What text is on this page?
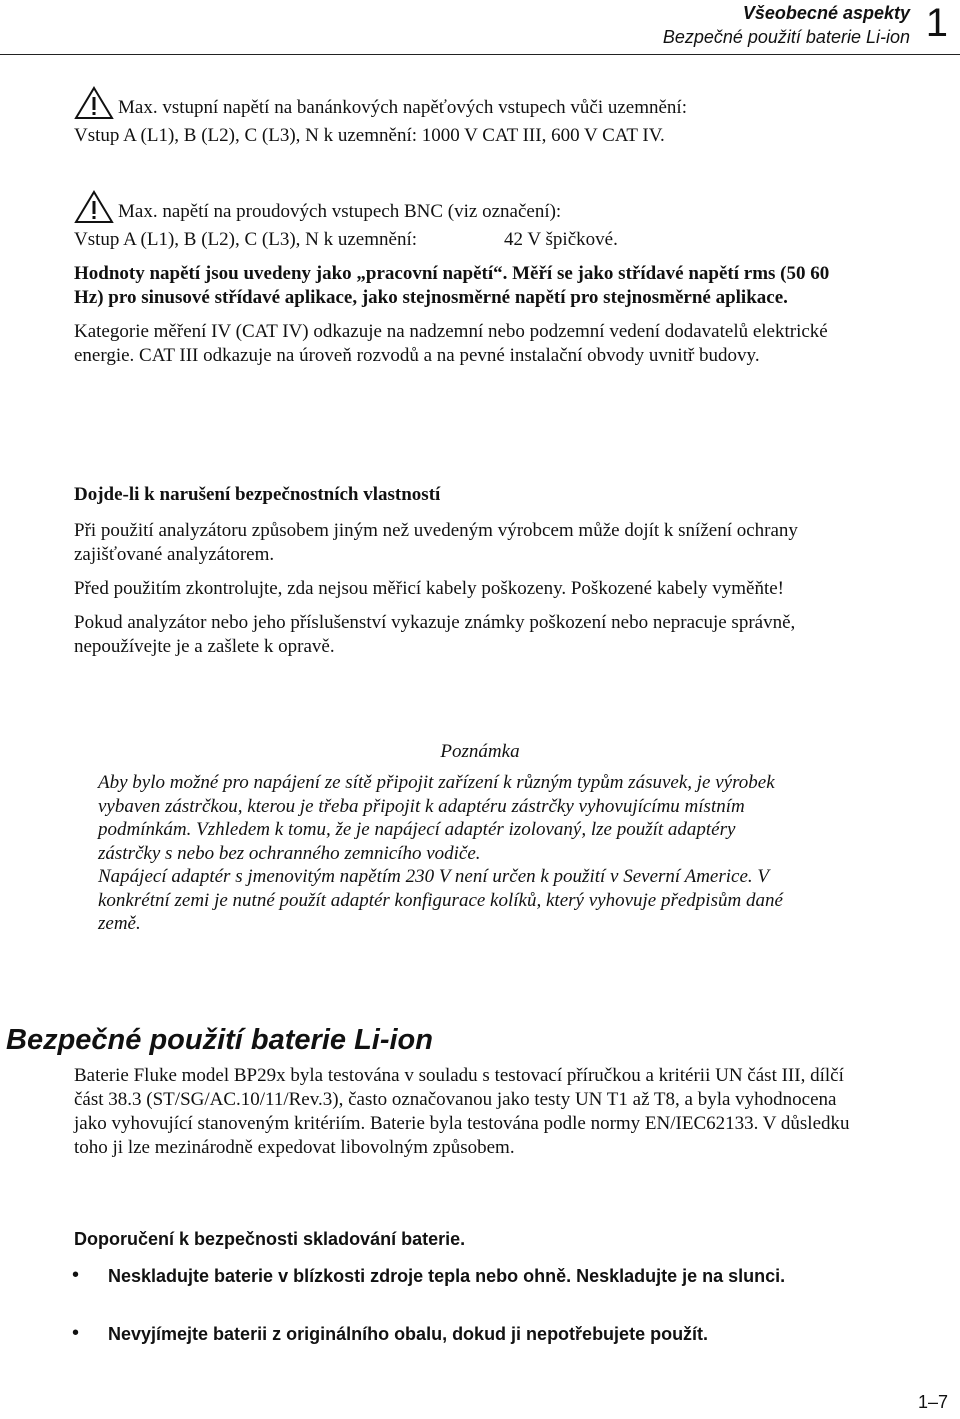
Všeobecné aspekty
Bezpečné použití baterie Li-ion 1

Max. vstupní napětí na banánkových napěťových vstupech vůči uzemnění:

Vstup A (L1), B (L2), C (L3), N k uzemnění: 1000 V CAT III, 600 V CAT IV.

Max. napětí na proudových vstupech BNC (viz označení):

Vstup A (L1), B (L2), C (L3), N k uzemnění:	42 V špičkové.

Hodnoty napětí jsou uvedeny jako „pracovní napětí“. Měří se jako střídavé napětí rms (50 60 Hz) pro sinusové střídavé aplikace, jako stejnosměrné napětí pro stejnosměrné aplikace.

Kategorie měření IV (CAT IV) odkazuje na nadzemní nebo podzemní vedení dodavatelů elektrické energie. CAT III odkazuje na úroveň rozvodů a na pevné instalační obvody uvnitř budovy.

Dojde-li k narušení bezpečnostních vlastností

Při použití analyzátoru způsobem jiným než uvedeným výrobcem může dojít k snížení ochrany zajišťované analyzátorem.

Před použitím zkontrolujte, zda nejsou měřicí kabely poškozeny. Poškozené kabely vyměňte!

Pokud analyzátor nebo jeho příslušenství vykazuje známky poškození nebo nepracuje správně, nepoužívejte je a zašlete k opravě.

Poznámka

Aby bylo možné pro napájení ze sítě připojit zařízení k různým typům zásuvek, je výrobek vybaven zástrčkou, kterou je třeba připojit k adaptéru zástrčky vyhovujícímu místním podmínkám. Vzhledem k tomu, že je napájecí adaptér izolovaný, lze použít adaptéry zástrčky s nebo bez ochranného zemnicího vodiče.

Napájecí adaptér s jmenovitým napětím 230 V není určen k použití v Severní Americe. V konkrétní zemi je nutné použít adaptér konfigurace kolíků, který vyhovuje předpisům dané země.

Bezpečné použití baterie Li-ion
Baterie Fluke model BP29x byla testována v souladu s testovací příručkou a kritérii UN část III, dílčí část 38.3 (ST/SG/AC.10/11/Rev.3), často označovanou jako testy UN T1 až T8, a byla vyhodnocena jako vyhovující stanoveným kritériím. Baterie byla testována podle normy EN/IEC62133. V důsledku toho ji lze mezinárodně expedovat libovolným způsobem.
Doporučení k bezpečnosti skladování baterie.
•	Neskladujte baterie v blízkosti zdroje tepla nebo ohně. Neskladujte je na slunci.
•	Nevyjímejte baterii z originálního obalu, dokud ji nepotřebujete použít.
1–7
